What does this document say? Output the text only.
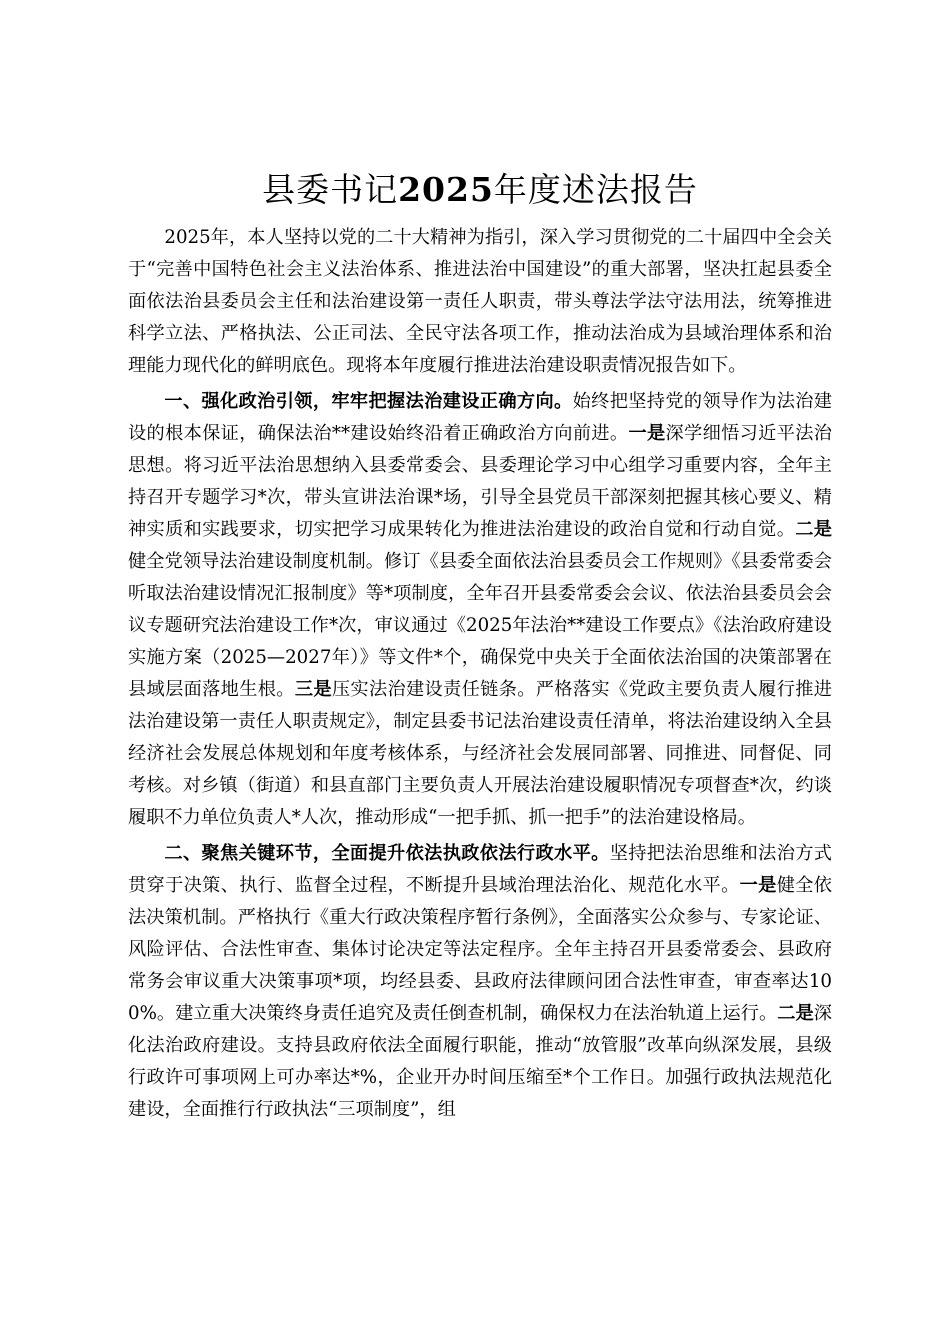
县委书记2025年度述法报告

2025年，本人坚持以党的二十大精神为指引，深入学习贯彻党的二十届四中全会关于“完善中国特色社会主义法治体系、推进法治中国建设”的重大部署，坚决扛起县委全面依法治县委员会主任和法治建设第一责任人职责，带头尊法学法守法用法，统筹推进科学立法、严格执法、公正司法、全民守法各项工作，推动法治成为县域治理体系和治理能力现代化的鲜明底色。现将本年度履行推进法治建设职责情况报告如下。

一、强化政治引领，牢牢把握法治建设正确方向。始终把坚持党的领导作为法治建设的根本保证，确保法治**建设始终沿着正确政治方向前进。一是深学细悟习近平法治思想。将习近平法治思想纳入县委常委会、县委理论学习中心组学习重要内容，全年主持召开专题学习*次，带头宣讲法治课*场，引导全县党员干部深刻把握其核心要义、精神实质和实践要求，切实把学习成果转化为推进法治建设的政治自觉和行动自觉。二是健全党领导法治建设制度机制。修订《县委全面依法治县委员会工作规则》《县委常委会听取法治建设情况汇报制度》等*项制度，全年召开县委常委会会议、依法治县委员会会议专题研究法治建设工作*次，审议通过《2025年法治**建设工作要点》《法治政府建设实施方案（2025—2027年）》等文件*个，确保党中央关于全面依法治国的决策部署在县域层面落地生根。三是压实法治建设责任链条。严格落实《党政主要负责人履行推进法治建设第一责任人职责规定》，制定县委书记法治建设责任清单，将法治建设纳入全县经济社会发展总体规划和年度考核体系，与经济社会发展同部署、同推进、同督促、同考核。对乡镇（街道）和县直部门主要负责人开展法治建设履职情况专项督查*次，约谈履职不力单位负责人*人次，推动形成“一把手抓、抓一把手”的法治建设格局。

二、聚焦关键环节，全面提升依法执政依法行政水平。坚持把法治思维和法治方式贯穿于决策、执行、监督全过程，不断提升县域治理法治化、规范化水平。一是健全依法决策机制。严格执行《重大行政决策程序暂行条例》，全面落实公众参与、专家论证、风险评估、合法性审查、集体讨论决定等法定程序。全年主持召开县委常委会、县政府常务会审议重大决策事项*项，均经县委、县政府法律顾问团合法性审查，审查率达100%。建立重大决策终身责任追究及责任倒查机制，确保权力在法治轨道上运行。二是深化法治政府建设。支持县政府依法全面履行职能，推动“放管服”改革向纵深发展，县级行政许可事项网上可办率达*%，企业开办时间压缩至*个工作日。加强行政执法规范化建设，全面推行行政执法“三项制度”，组
